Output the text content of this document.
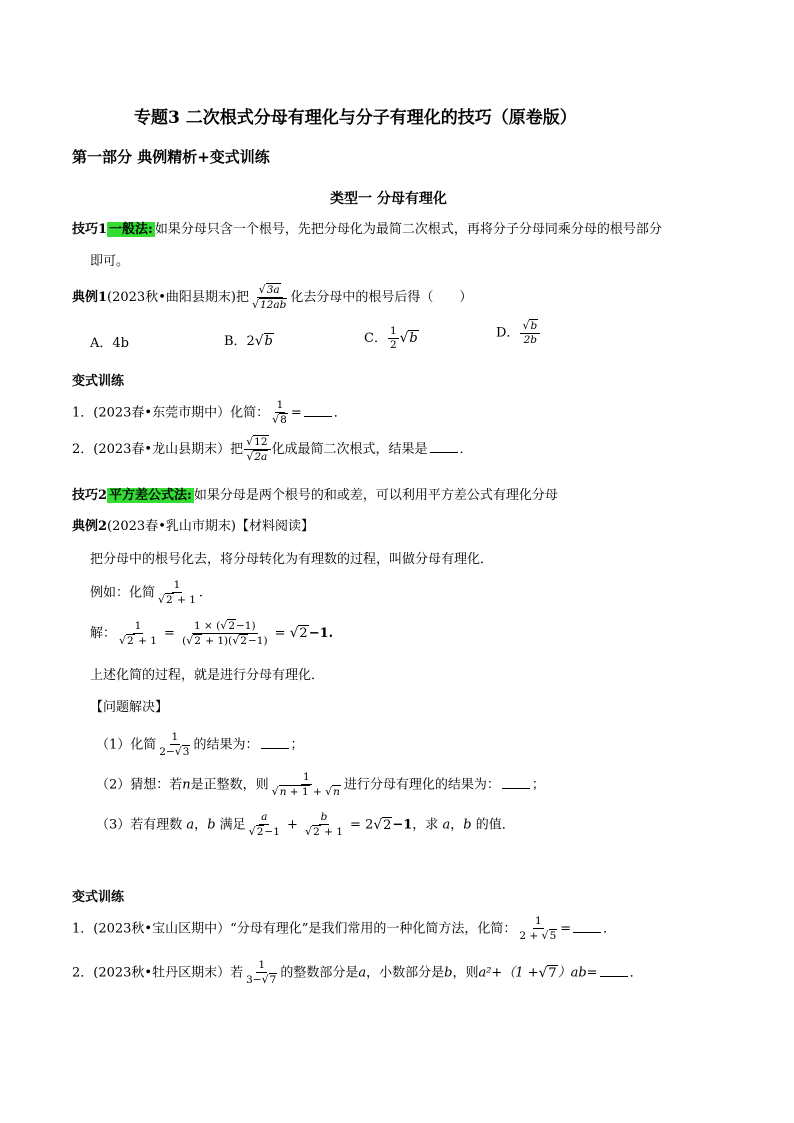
专题3 二次根式分母有理化与分子有理化的技巧（原卷版）
第一部分 典例精析+变式训练
类型一 分母有理化
技巧1 一般法: 如果分母只含一个根号，先把分母化为最简二次根式，再将分子分母同乘分母的根号部分
即可。
典例1(2023秋•曲阳县期末)把 $\frac{√3a}{√12ab}$ 化去分母中的根号后得（　　）
A．4b	B．2√b	C． $\frac{1}{2} √b$	D． $\frac{√b}{2b}$
变式训练
1．(2023春•东莞市期中）化简： $\frac{1}{√8}$ = ．
2．(2023春•龙山县期末）把 $\frac{√12}{√2a}$ 化成最简二次根式，结果是 ．
技巧2 平方差公式法: 如果分母是两个根号的和或差，可以利用平方差公式有理化分母
典例2(2023春•乳山市期末)【材料阅读】
把分母中的根号化去，将分母转化为有理数的过程，叫做分母有理化．
例如：化简 $\frac{1}{√2 + 1}$ .
解： $\frac{1}{√2 + 1} = \frac{1 \times (√2-1)}{(√2 + 1)(√2-1)} = √2-1$.
上述化简的过程，就是进行分母有理化．
【问题解决】
（1）化简 $\frac{1}{2-√3}$ 的结果为： ；
（2）猜想：若n是正整数，则 $\frac{1}{√n + 1 + √n}$ 进行分母有理化的结果为： ；
（3）若有理数 a，b 满足 $\frac{a}{√2-1} + \frac{b}{√2 + 1} = 2√2-1$，求 a，b 的值．
变式训练
1．(2023秋•宝山区期中）“分母有理化”是我们常用的一种化简方法，化简： $\frac{1}{2 + √5}$ = ．
2．(2023秋•牡丹区期末）若 $\frac{1}{3-√7}$ 的整数部分是a，小数部分是b，则a²+（1 +√7）ab= ．
